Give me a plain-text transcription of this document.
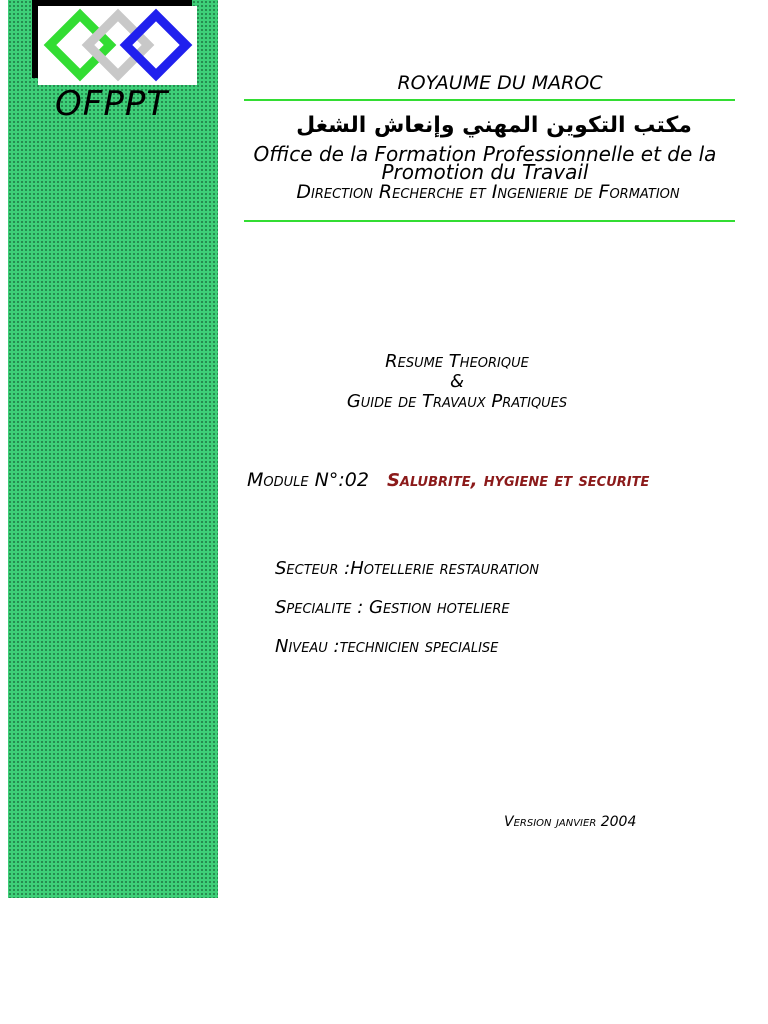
OFPPT
ROYAUME DU MAROC
مكتب التكوين المهني وإنعاش الشغل
Office de la Formation Professionnelle et de la
Promotion du Travail
Direction Recherche et Ingenierie de Formation
Resume Theorique
&
Guide de Travaux Pratiques
Module N°:02 Salubrite, hygiene et securite
Secteur :Hotellerie restauration
Specialite : Gestion hoteliere
Niveau :technicien specialise
Version janvier 2004
